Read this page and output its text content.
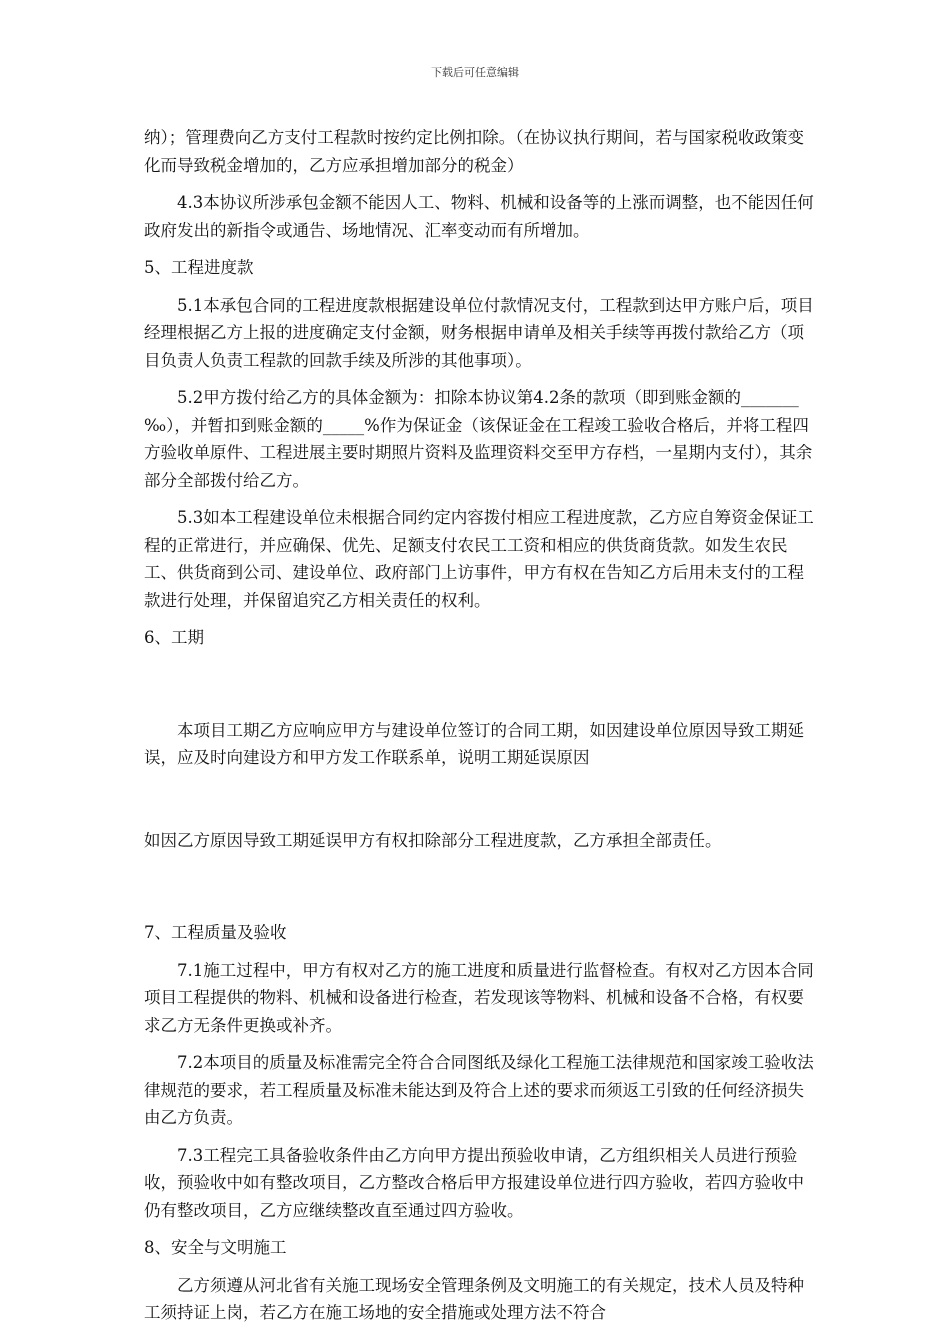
下载后可任意编辑

纳）；管理费向乙方支付工程款时按约定比例扣除。（在协议执行期间，若与国家税收政策变化而导致税金增加的，乙方应承担增加部分的税金）

4.3本协议所涉承包金额不能因人工、物料、机械和设备等的上涨而调整，也不能因任何政府发出的新指令或通告、场地情况、汇率变动而有所增加。

5、工程进度款

5.1本承包合同的工程进度款根据建设单位付款情况支付，工程款到达甲方账户后，项目经理根据乙方上报的进度确定支付金额，财务根据申请单及相关手续等再拨付款给乙方（项目负责人负责工程款的回款手续及所涉的其他事项）。

5.2甲方拨付给乙方的具体金额为：扣除本协议第4.2条的款项（即到账金额的_______ ‰），并暂扣到账金额的_____%作为保证金（该保证金在工程竣工验收合格后，并将工程四方验收单原件、工程进展主要时期照片资料及监理资料交至甲方存档，一星期内支付），其余部分全部拨付给乙方。

5.3如本工程建设单位未根据合同约定内容拨付相应工程进度款，乙方应自筹资金保证工程的正常进行，并应确保、优先、足额支付农民工工资和相应的供货商货款。如发生农民工、供货商到公司、建设单位、政府部门上访事件，甲方有权在告知乙方后用未支付的工程款进行处理，并保留追究乙方相关责任的权利。

6、工期

本项目工期乙方应响应甲方与建设单位签订的合同工期，如因建设单位原因导致工期延误，应及时向建设方和甲方发工作联系单，说明工期延误原因

如因乙方原因导致工期延误甲方有权扣除部分工程进度款，乙方承担全部责任。

7、工程质量及验收

7.1施工过程中，甲方有权对乙方的施工进度和质量进行监督检查。有权对乙方因本合同项目工程提供的物料、机械和设备进行检查，若发现该等物料、机械和设备不合格，有权要求乙方无条件更换或补齐。

7.2本项目的质量及标准需完全符合合同图纸及绿化工程施工法律规范和国家竣工验收法律规范的要求，若工程质量及标准未能达到及符合上述的要求而须返工引致的任何经济损失由乙方负责。

7.3工程完工具备验收条件由乙方向甲方提出预验收申请，乙方组织相关人员进行预验收，预验收中如有整改项目，乙方整改合格后甲方报建设单位进行四方验收，若四方验收中仍有整改项目，乙方应继续整改直至通过四方验收。

8、安全与文明施工

乙方须遵从河北省有关施工现场安全管理条例及文明施工的有关规定，技术人员及特种工须持证上岗，若乙方在施工场地的安全措施或处理方法不符合
